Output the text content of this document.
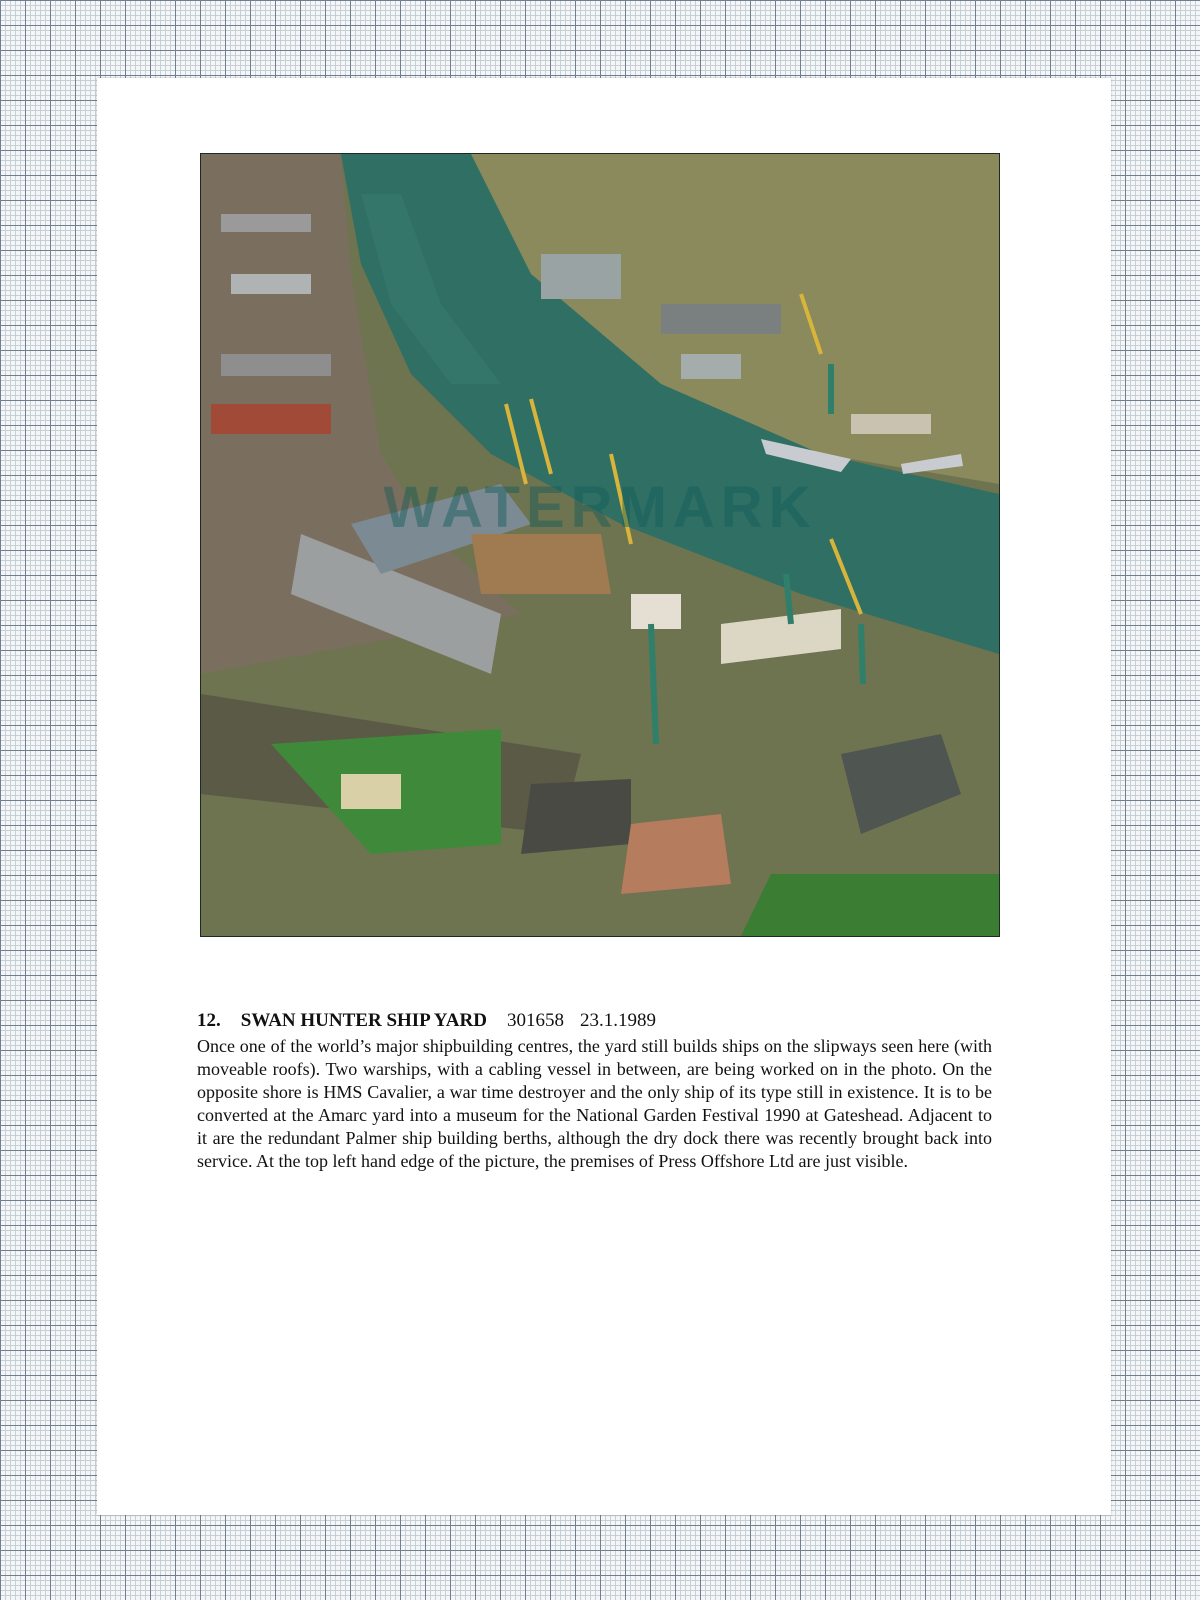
WATERMARK
12. SWAN HUNTER SHIP YARD 301658 23.1.1989

Once one of the world’s major shipbuilding centres, the yard still builds ships on the slipways seen here (with moveable roofs). Two warships, with a cabling vessel in between, are being worked on in the photo. On the opposite shore is HMS Cavalier, a war time destroyer and the only ship of its type still in existence. It is to be converted at the Amarc yard into a museum for the National Garden Festival 1990 at Gateshead. Adjacent to it are the redundant Palmer ship building berths, although the dry dock there was recently brought back into service. At the top left hand edge of the picture, the premises of Press Offshore Ltd are just visible.
